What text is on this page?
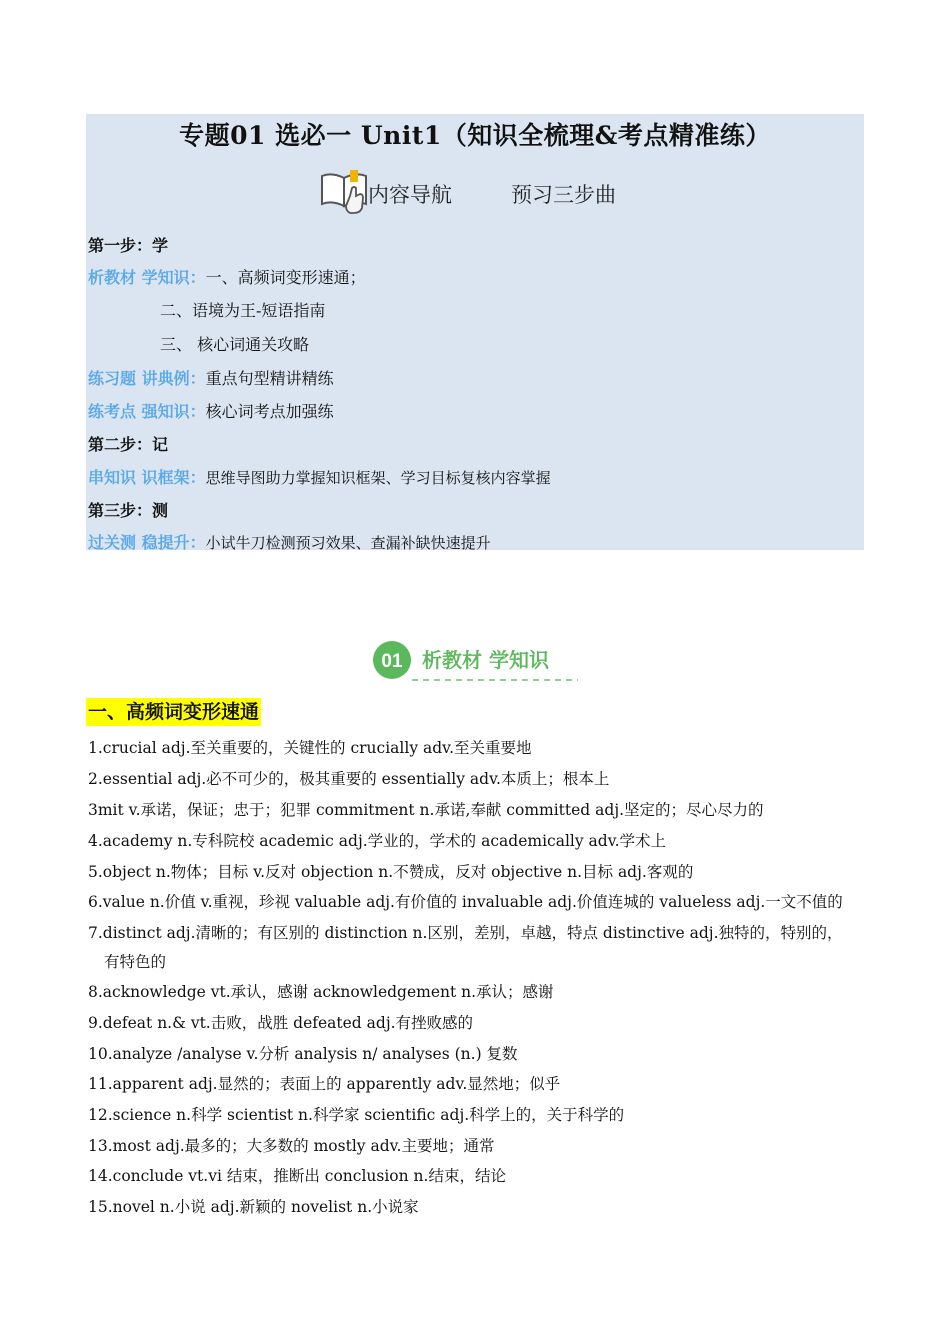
专题01 选必一 Unit1（知识全梳理&考点精准练）
内容导航	预习三步曲
第一步：学
析教材 学知识：一、高频词变形速通；
二、语境为王-短语指南
三、 核心词通关攻略
练习题 讲典例：重点句型精讲精练
练考点 强知识：核心词考点加强练
第二步：记
串知识 识框架：思维导图助力掌握知识框架、学习目标复核内容掌握
第三步：测
过关测 稳提升：小试牛刀检测预习效果、查漏补缺快速提升
01 析教材 学知识
一、高频词变形速通
1.crucial adj.至关重要的，关键性的 crucially adv.至关重要地
2.essential adj.必不可少的，极其重要的 essentially adv.本质上；根本上
3mit v.承诺，保证；忠于；犯罪 commitment n.承诺,奉献 committed adj.坚定的；尽心尽力的
4.academy n.专科院校 academic adj.学业的，学术的 academically adv.学术上
5.object n.物体；目标 v.反对 objection n.不赞成，反对 objective n.目标 adj.客观的
6.value n.价值 v.重视，珍视 valuable adj.有价值的 invaluable adj.价值连城的 valueless adj.一文不值的
7.distinct adj.清晰的；有区别的 distinction n.区别，差别，卓越，特点 distinctive adj.独特的，特别的，
有特色的
8.acknowledge vt.承认，感谢 acknowledgement n.承认；感谢
9.defeat n.& vt.击败，战胜 defeated adj.有挫败感的
10.analyze /analyse v.分析 analysis n/ analyses (n.) 复数
11.apparent adj.显然的；表面上的 apparently adv.显然地；似乎
12.science n.科学 scientist n.科学家 scientific adj.科学上的，关于科学的
13.most adj.最多的；大多数的 mostly adv.主要地；通常
14.conclude vt.vi 结束，推断出 conclusion n.结束，结论
15.novel n.小说 adj.新颖的 novelist n.小说家
